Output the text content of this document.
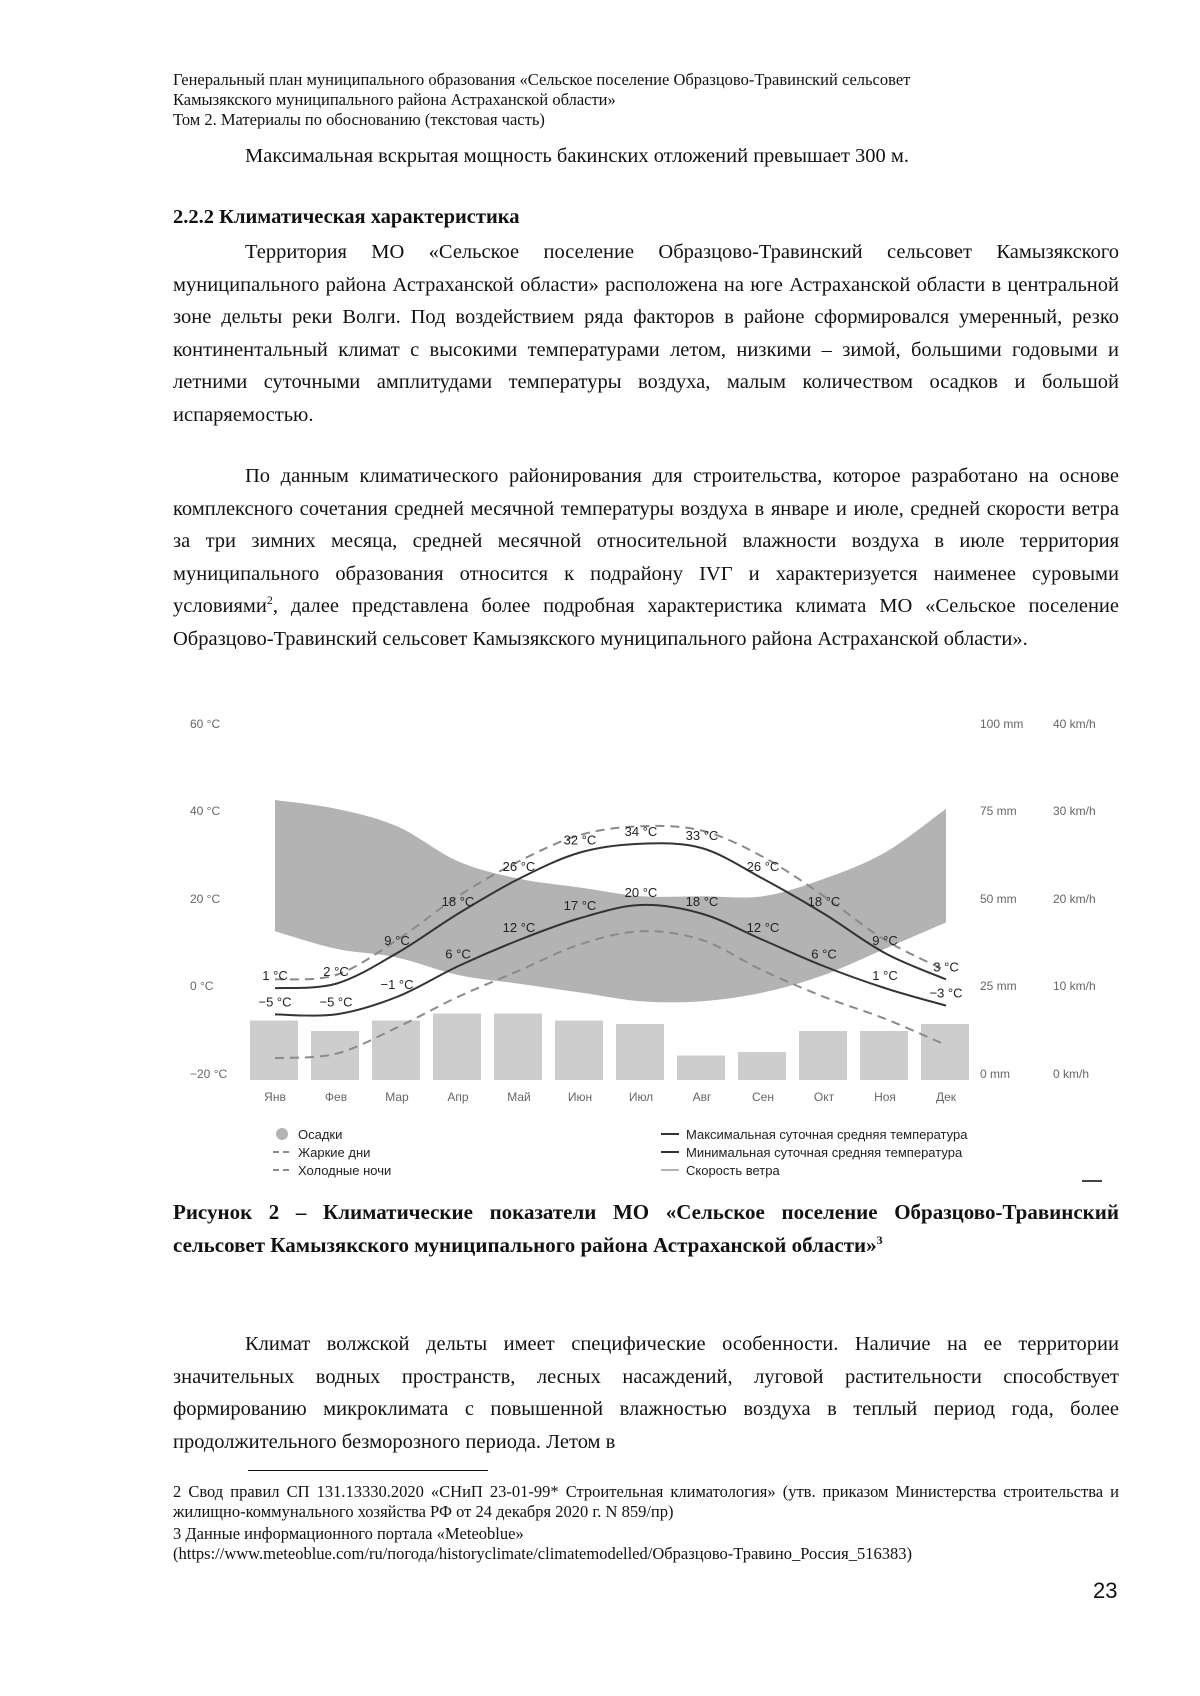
Генеральный план муниципального образования «Сельское поселение Образцово-Травинский сельсовет
Камызякского муниципального района Астраханской области»
Том 2. Материалы по обоснованию (текстовая часть)
Максимальная вскрытая мощность бакинских отложений превышает 300 м.
2.2.2 Климатическая характеристика
Территория МО «Сельское поселение Образцово-Травинский сельсовет Камызякского муниципального района Астраханской области» расположена на юге Астраханской области в центральной зоне дельты реки Волги. Под воздействием ряда факторов в районе сформировался умеренный, резко континентальный климат с высокими температурами летом, низкими – зимой, большими годовыми и летними суточными амплитудами температуры воздуха, малым количеством осадков и большой испаряемостью.
По данным климатического районирования для строительства, которое разработано на основе комплексного сочетания средней месячной температуры воздуха в январе и июле, средней скорости ветра за три зимних месяца, средней месячной относительной влажности воздуха в июле территория муниципального образования относится к подрайону IVГ и характеризуется наименее суровыми условиями$^2$, далее представлена более подробная характеристика климата МО «Сельское поселение Образцово-Травинский сельсовет Камызякского муниципального района Астраханской области».
1 °C	2 °C
9 °C
18 °C
26 °C
32 °C
34 °C 33 °C
26 °C
18 °C
9 °C
3 °C
−5 °C −5 °C
−1 °C
6 °C
12 °C
17 °C
20 °C
18 °C
12 °C
6 °C
1 °C
−3 °C
60 °C
40 °C
20 °C
0 °C
−20 °C
100 mm
75 mm
50 mm
25 mm
0 mm
40 km/h
30 km/h
20 km/h
10 km/h
0 km/h
Янв	Фев	Мар	Апр	Май	Июн	Июл	Авг	Сен	Окт	Ноя	Дек
Осадки
Жаркие дни
Холодные ночи
Максимальная суточная средняя температура
Минимальная суточная средняя температура
Скорость ветра
Рисунок 2 – Климатические показатели МО «Сельское поселение Образцово-Травинский сельсовет Камызякского муниципального района Астраханской области»$^3$
Климат волжской дельты имеет специфические особенности. Наличие на ее территории значительных водных пространств, лесных насаждений, луговой растительности способствует формированию микроклимата с повышенной влажностью воздуха в теплый период года, более продолжительного безморозного периода. Летом в
2 Свод правил СП 131.13330.2020 «СНиП 23-01-99* Строительная климатология» (утв. приказом Министерства строительства и жилищно-коммунального хозяйства РФ от 24 декабря 2020 г. N 859/пр)
3 Данные информационного портала «Meteoblue»
(https://www.meteoblue.com/ru/погода/historyclimate/climatemodelled/Образцово-Травино_Россия_516383)
23
